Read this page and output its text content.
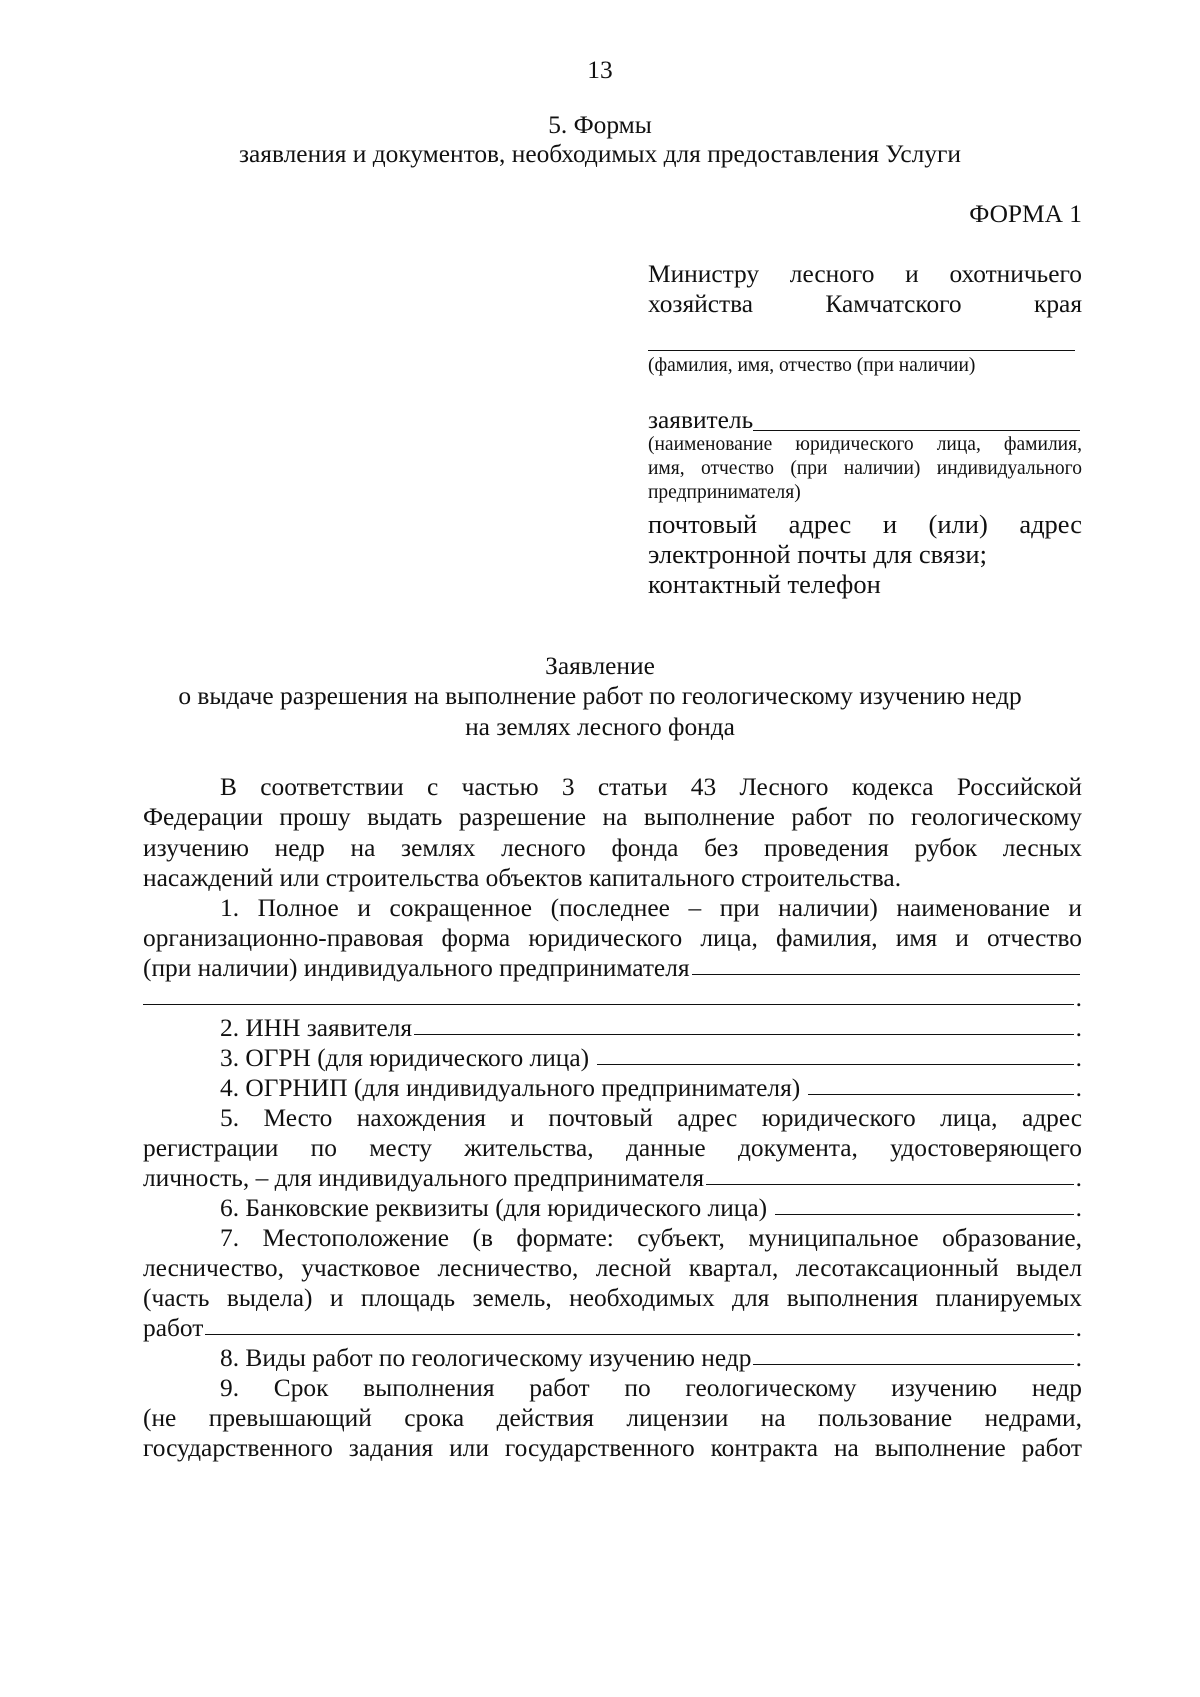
13
5. Формы
заявления и документов, необходимых для предоставления Услуги
ФОРМА 1
Министру лесного и охотничьего
хозяйства	Камчатского	края
(фамилия, имя, отчество (при наличии)
заявитель
(наименование юридического лица, фамилия,
имя, отчество (при наличии) индивидуального
предпринимателя)
почтовый адрес и (или) адрес
электронной почты для связи;
контактный телефон
Заявление
о выдаче разрешения на выполнение работ по геологическому изучению недр
на землях лесного фонда
В соответствии с частью 3 статьи 43 Лесного кодекса Российской
Федерации прошу выдать разрешение на выполнение работ по геологическому
изучению недр на землях лесного фонда без проведения рубок лесных
насаждений или строительства объектов капитального строительства.
1. Полное и сокращенное (последнее – при наличии) наименование и
организационно-правовая форма юридического лица, фамилия, имя и отчество
(при наличии) индивидуального предпринимателя
.
2. ИНН заявителя	.
3. ОГРН (для юридического лица)	.
4. ОГРНИП (для индивидуального предпринимателя)	.
5. Место нахождения и почтовый адрес юридического лица, адрес
регистрации по месту жительства, данные документа, удостоверяющего
личность, – для индивидуального предпринимателя	.
6. Банковские реквизиты (для юридического лица)	.
7. Местоположение (в формате: субъект, муниципальное образование,
лесничество, участковое лесничество, лесной квартал, лесотаксационный выдел
(часть выдела) и площадь земель, необходимых для выполнения планируемых
работ	.
8. Виды работ по геологическому изучению недр	.
9. Срок выполнения работ по геологическому изучению недр
(не превышающий срока действия лицензии на пользование недрами,
государственного задания или государственного контракта на выполнение работ
